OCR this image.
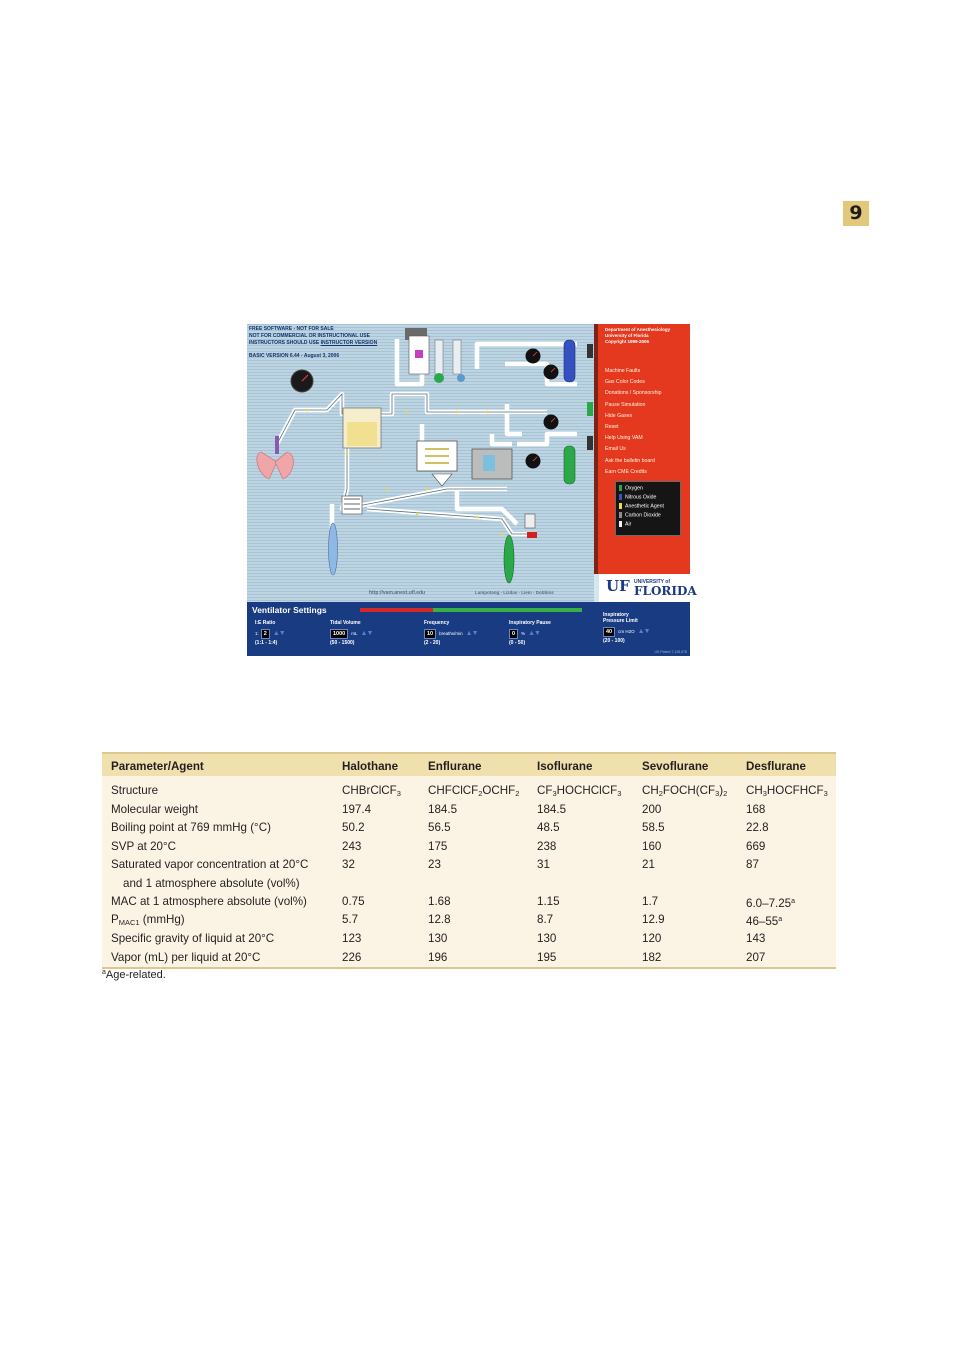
9
FREE SOFTWARE - NOT FOR SALE
NOT FOR COMMERCIAL OR INSTRUCTIONAL USE
INSTRUCTORS SHOULD USE INSTRUCTOR VERSION
BASIC VERSION 6.44 - August 3, 2006
http://vam.anest.ufl.edu	Lampotang - Lizdas - Liem - Dobbins
Department of Anesthesiology
University of Florida
Copyright 1999-2006
Machine Faults
Gas Color Codes
Donations / Sponsorship
Pause Simulation
Hide Gases
Reset
Help Using VAM
Email Us
Ask the bulletin board
Earn CME Credits
Oxygen
Nitrous Oxide
Anesthetic Agent
Carbon Dioxide
Air
UF UNIVERSITY of
FLORIDA
Ventilator Settings
I:E Ratio
1: 2 ▲▼
(1:1 - 1:4)
Tidal Volume
1000	mL ▲▼
(50 - 1500)
Frequency
10	breaths/min ▲▼
(2 - 20)
Inspiratory Pause
0	% ▲▼
(0 - 50)
Inspiratory
Pressure Limit
40	cm H2O ▲▼
(20 - 100)
US Patent 7,128,578
Parameter/Agent	Halothane	Enflurane	Isoflurane	Sevoflurane	Desflurane
Structure	CHBrClCF$_3$	$CHFClCF_2OCHF_2$	$CF_3HOCHClCF_3$	$CH_2FOCH(CF_3)_2$	$CH_3HOCFHCF_3$
Molecular weight	197.4	184.5	184.5	200	168
Boiling point at 769 mmHg (°C)	50.2	56.5	48.5	58.5	22.8
SVP at 20°C	243	175	238	160	669
Saturated vapor concentration at 20°C	32	23	31	21	87
and 1 atmosphere absolute (vol%)					
MAC at 1 atmosphere absolute (vol%)	0.75	1.68	1.15	1.7	6.0–7.25$^a$
$P_{MAC1}$ (mmHg)	5.7	12.8	8.7	12.9	46–55$^a$
Specific gravity of liquid at 20°C	123	130	130	120	143
Vapor (mL) per liquid at 20°C	226	196	195	182	207
$^a$Age-related.
